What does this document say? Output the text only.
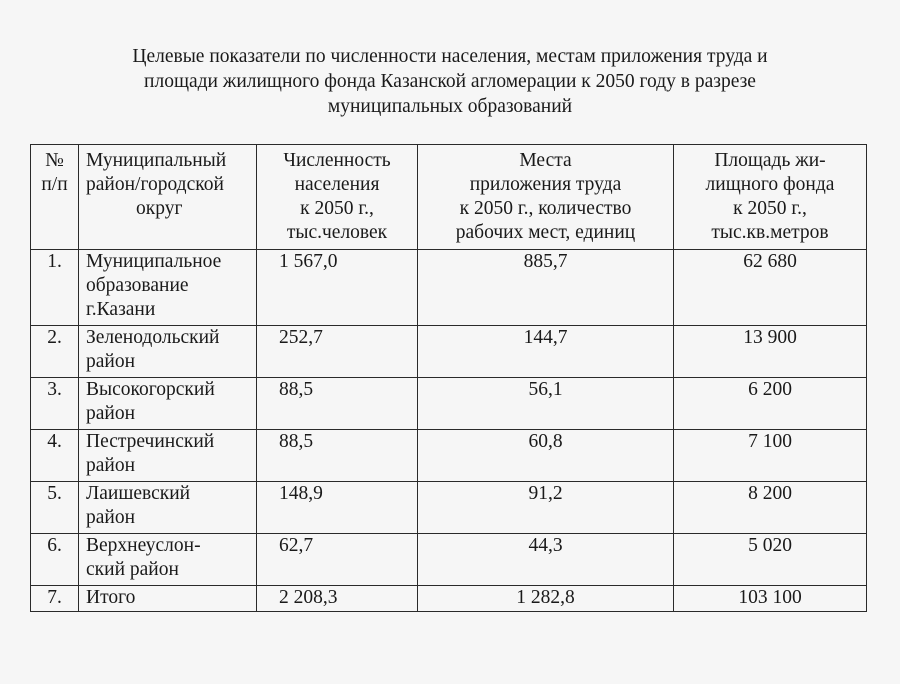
Целевые показатели по численности населения, местам приложения труда и
площади жилищного фонда Казанской агломерации к 2050 году в разрезе
муниципальных образований
№
п/п	Муниципальный
район/городской
округ	Численность
населения
к 2050 г.,
тыс.человек	Места
приложения труда
к 2050 г., количество
рабочих мест, единиц	Площадь жи-
лищного фонда
к 2050 г.,
тыс.кв.метров

1.	Муниципальное
образование
г.Казани	1 567,0	885,7	62 680
2.	Зеленодольский
район	252,7	144,7	13 900
3.	Высокогорский
район	88,5	56,1	6 200
4.	Пестречинский
район	88,5	60,8	7 100
5.	Лаишевский
район	148,9	91,2	8 200
6.	Верхнеуслон-
ский район	62,7	44,3	5 020
7.	Итого	2 208,3	1 282,8	103 100
